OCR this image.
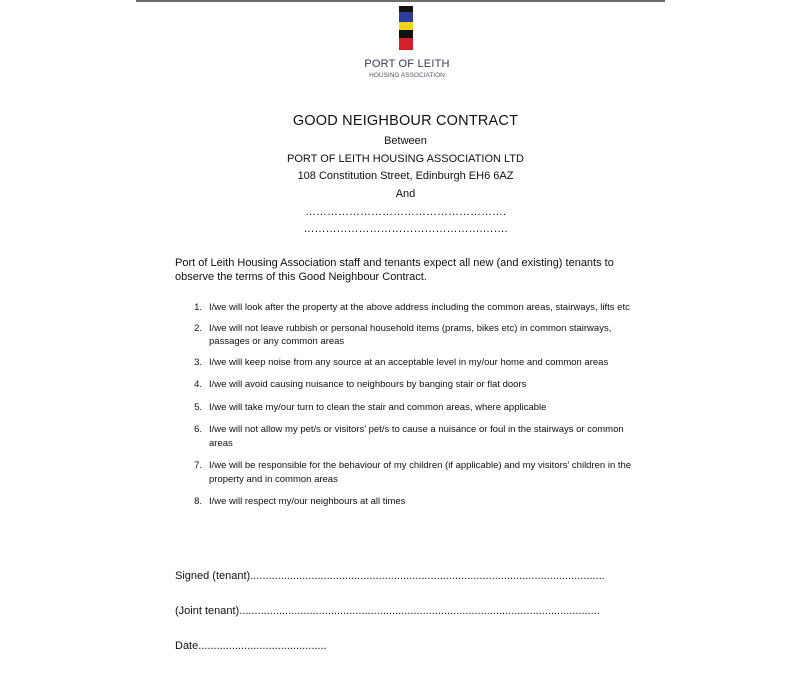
PORT OF LEITH
HOUSING ASSOCIATION
GOOD NEIGHBOUR CONTRACT
Between
PORT OF LEITH HOUSING ASSOCIATION LTD
108 Constitution Street, Edinburgh EH6 6AZ
And
……………………………………………….
………………………………………….…….
Port of Leith Housing Association staff and tenants expect all new (and existing) tenants to observe the terms of this Good Neighbour Contract.
1. I/we will look after the property at the above address including the common areas, stairways, lifts etc
2. I/we will not leave rubbish or personal household items (prams, bikes etc) in common stairways, passages or any common areas
3. I/we will keep noise from any source at an acceptable level in my/our home and common areas
4. I/we will avoid causing nuisance to neighbours by banging stair or flat doors
5. I/we will take my/our turn to clean the stair and common areas, where applicable
6. I/we will not allow my pet/s or visitors’ pet/s to cause a nuisance or foul in the stairways or common areas
7. I/we will be responsible for the behaviour of my children (if applicable) and my visitors’ children in the property and in common areas
8. I/we will respect my/our neighbours at all times
Signed (tenant)....................................................................................................................
(Joint tenant)......................................................................................................................
Date..........................................
